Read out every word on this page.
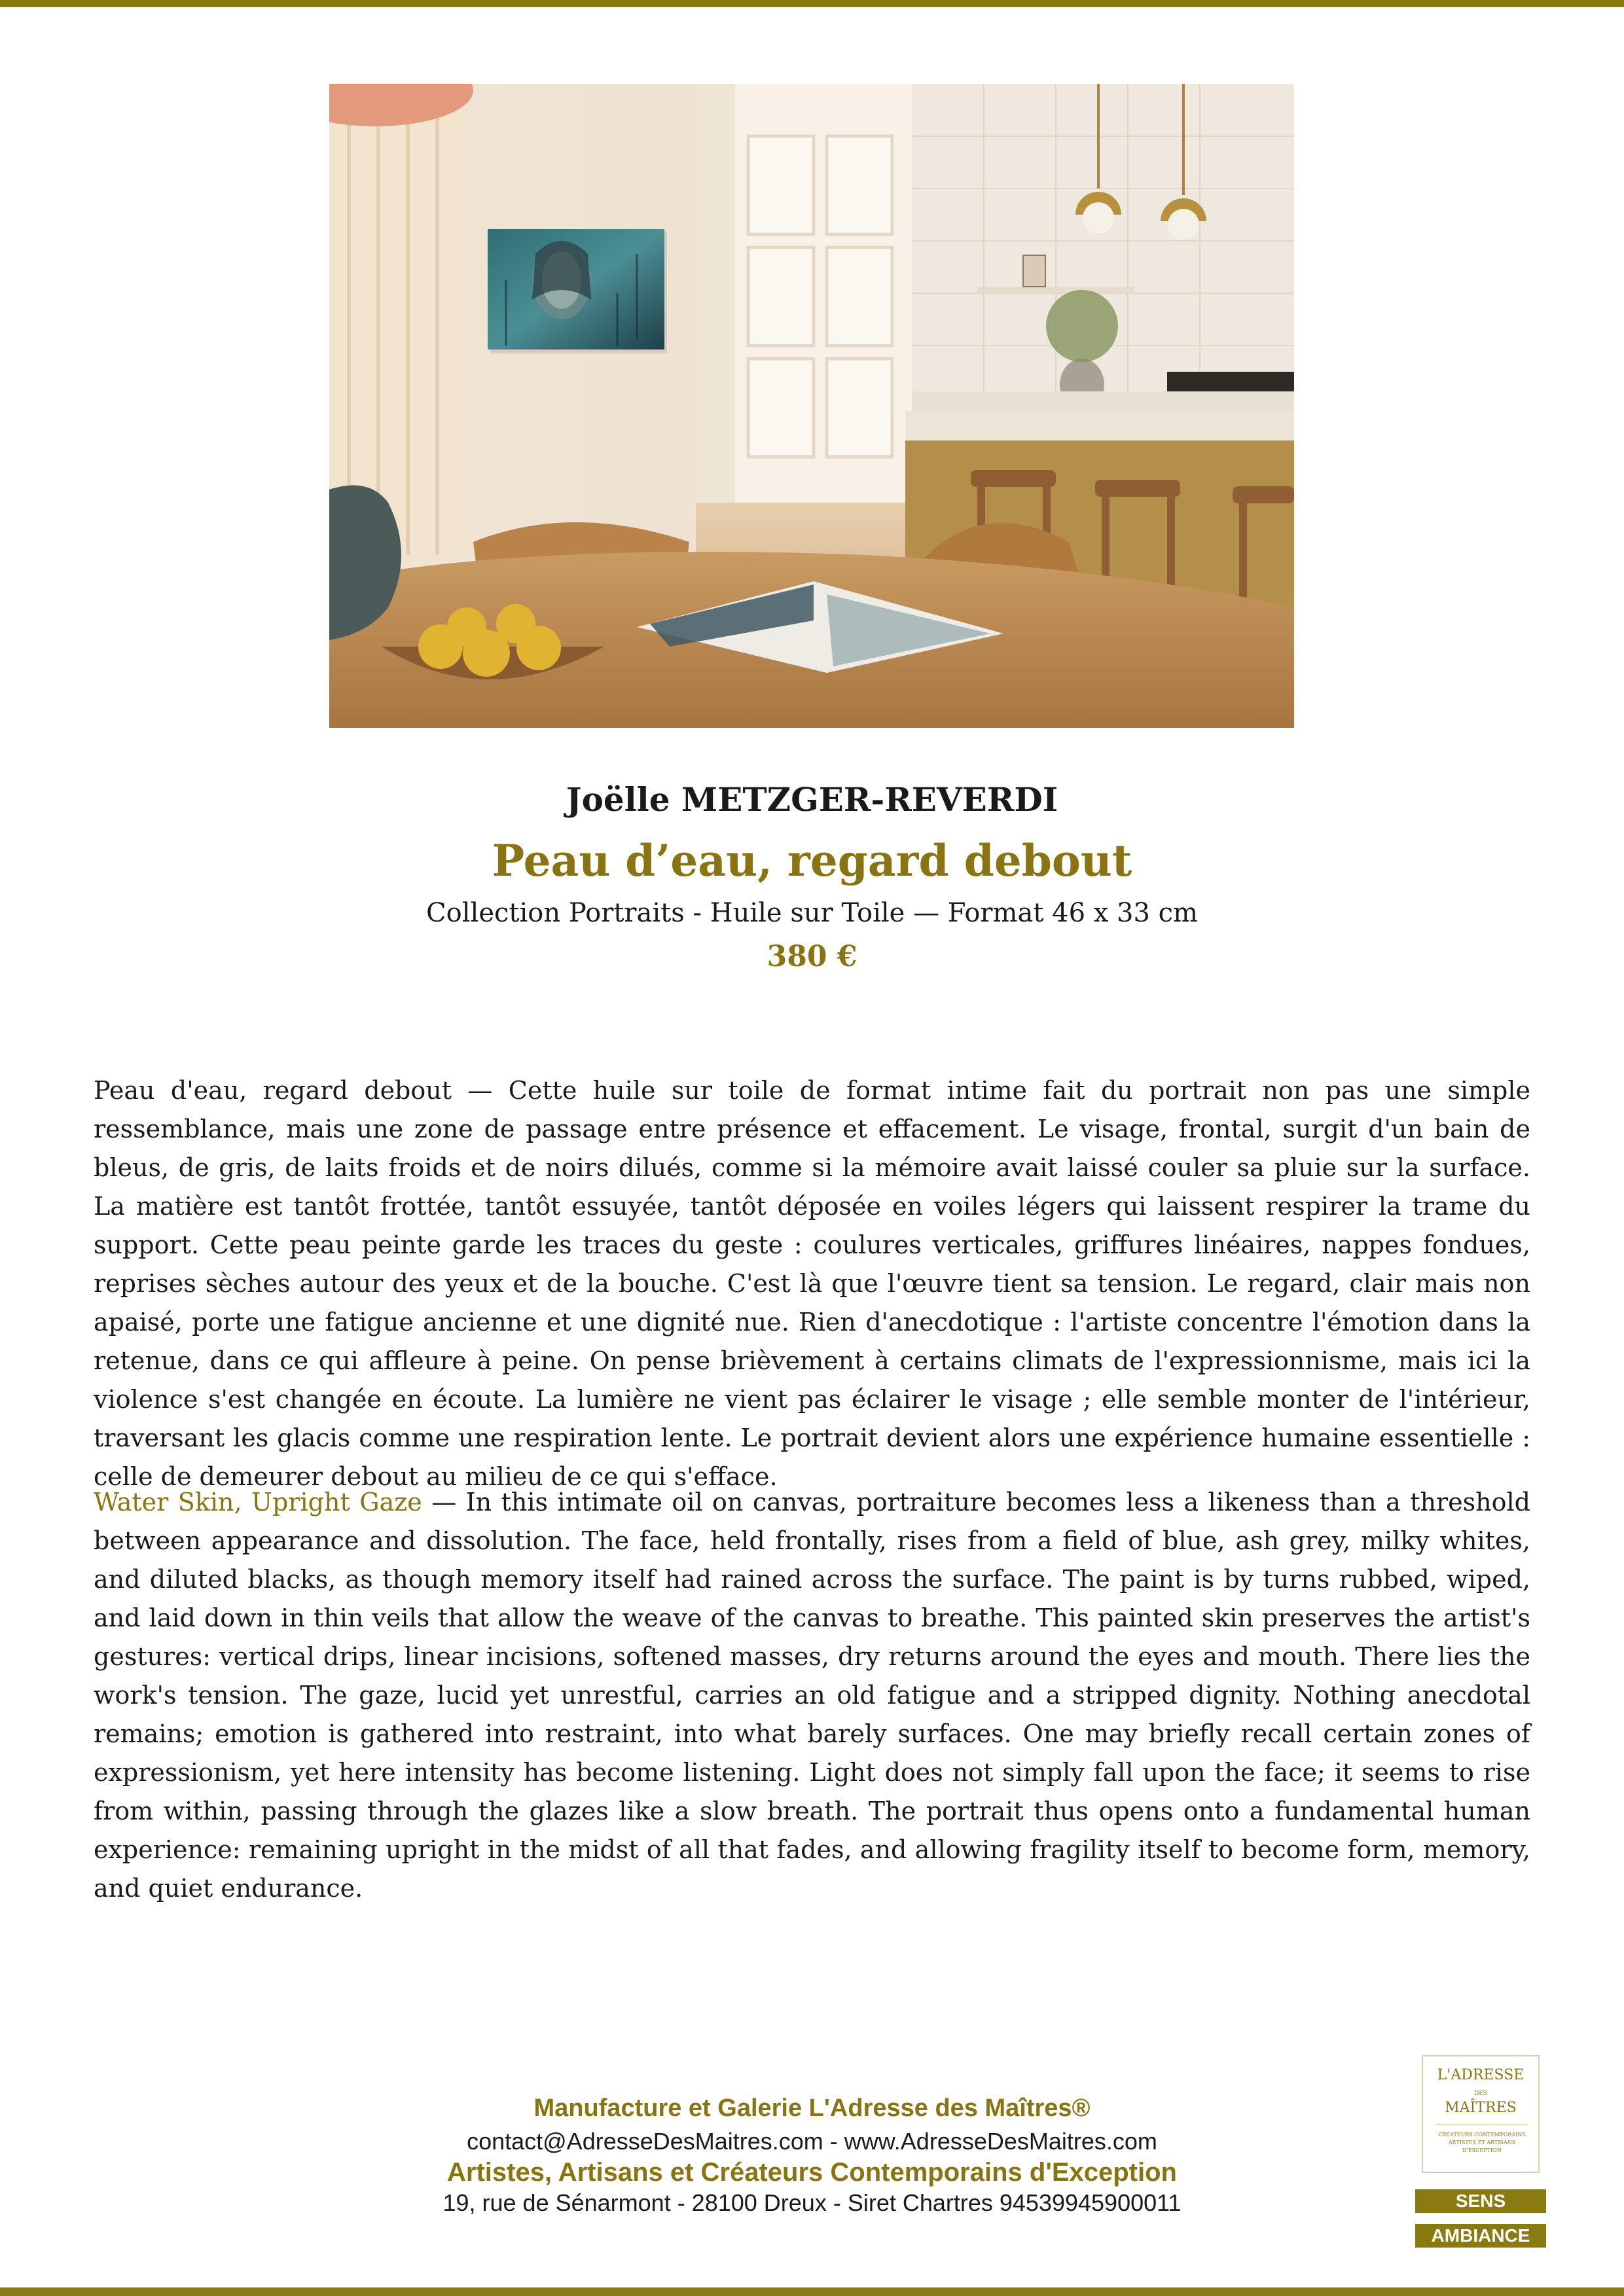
Joëlle METZGER-REVERDI
Peau d’eau, regard debout
Collection Portraits - Huile sur Toile — Format 46 x 33 cm
380 €
Peau d'eau, regard debout — Cette huile sur toile de format intime fait du portrait non pas une simple ressemblance, mais une zone de passage entre présence et effacement. Le visage, frontal, surgit d'un bain de bleus, de gris, de laits froids et de noirs dilués, comme si la mémoire avait laissé couler sa pluie sur la surface. La matière est tantôt frottée, tantôt essuyée, tantôt déposée en voiles légers qui laissent respirer la trame du support. Cette peau peinte garde les traces du geste : coulures verticales, griffures linéaires, nappes fondues, reprises sèches autour des yeux et de la bouche. C'est là que l'œuvre tient sa tension. Le regard, clair mais non apaisé, porte une fatigue ancienne et une dignité nue. Rien d'anecdotique : l'artiste concentre l'émotion dans la retenue, dans ce qui affleure à peine. On pense brièvement à certains climats de l'expressionnisme, mais ici la violence s'est changée en écoute. La lumière ne vient pas éclairer le visage ; elle semble monter de l'intérieur, traversant les glacis comme une respiration lente. Le portrait devient alors une expérience humaine essentielle : celle de demeurer debout au milieu de ce qui s'efface.
Water Skin, Upright Gaze — In this intimate oil on canvas, portraiture becomes less a likeness than a threshold between appearance and dissolution. The face, held frontally, rises from a field of blue, ash grey, milky whites, and diluted blacks, as though memory itself had rained across the surface. The paint is by turns rubbed, wiped, and laid down in thin veils that allow the weave of the canvas to breathe. This painted skin preserves the artist's gestures: vertical drips, linear incisions, softened masses, dry returns around the eyes and mouth. There lies the work's tension. The gaze, lucid yet unrestful, carries an old fatigue and a stripped dignity. Nothing anecdotal remains; emotion is gathered into restraint, into what barely surfaces. One may briefly recall certain zones of expressionism, yet here intensity has become listening. Light does not simply fall upon the face; it seems to rise from within, passing through the glazes like a slow breath. The portrait thus opens onto a fundamental human experience: remaining upright in the midst of all that fades, and allowing fragility itself to become form, memory, and quiet endurance.
Manufacture et Galerie L'Adresse des Maîtres®
contact@AdresseDesMaitres.com - www.AdresseDesMaitres.com
Artistes, Artisans et Créateurs Contemporains d'Exception
19, rue de Sénarmont - 28100 Dreux - Siret Chartres 94539945900011
L'ADRESSE
DES
MAÎTRES
CRÉATEURS CONTEMPORAINS ARTISTES ET ARTISANS D'EXCEPTION
SENS
AMBIANCE
